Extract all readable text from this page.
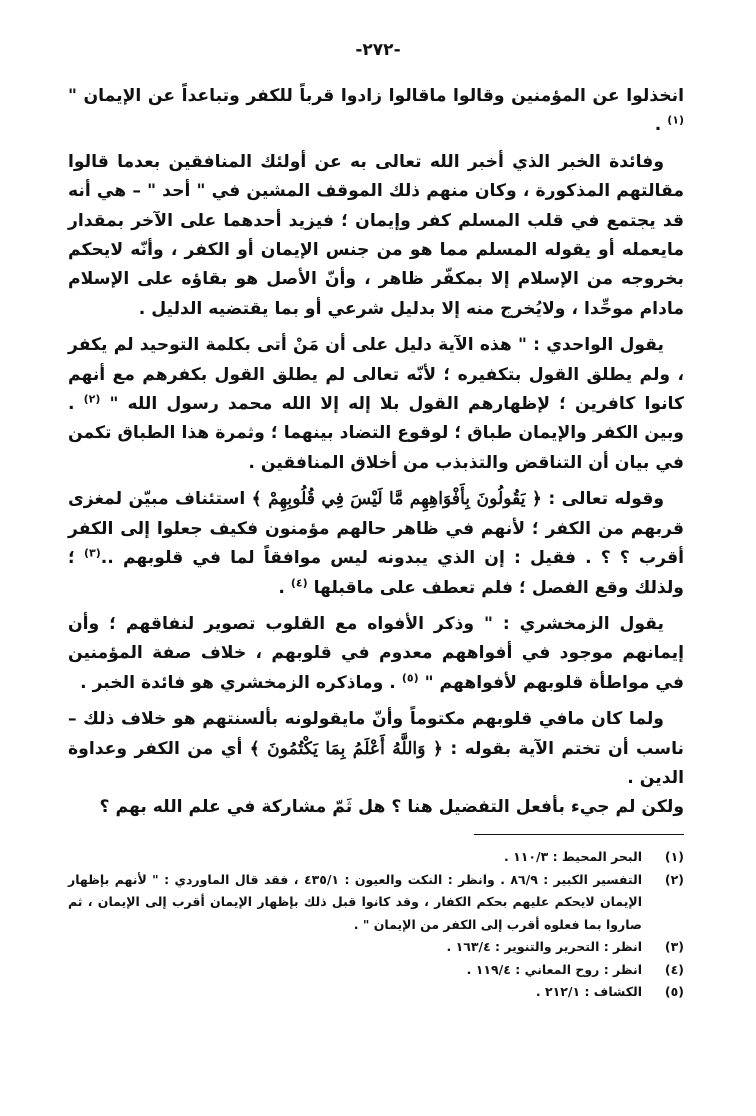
-٢٧٢-

انخذلوا عن المؤمنين وقالوا ماقالوا زادوا قرباً للكفر وتباعداً عن الإيمان "$^{(١)}$ .

وفائدة الخبر الذي أخبر الله تعالى به عن أولئك المنافقين بعدما قالوا مقالتهم المذكورة ، وكان منهم ذلك الموقف المشين في " أحد " – هي أنه قد يجتمع في قلب المسلم كفر وإيمان ؛ فيزيد أحدهما على الآخر بمقدار مايعمله أو يقوله المسلم مما هو من جنس الإيمان أو الكفر ، وأنّه لايحكم بخروجه من الإسلام إلا بمكفّر ظاهر ، وأنّ الأصل هو بقاؤه على الإسلام مادام موحِّدا ، ولايُخرج منه إلا بدليل شرعي أو بما يقتضيه الدليل .

يقول الواحدي : " هذه الآية دليل على أن مَنْ أتى بكلمة التوحيد لم يكفر ، ولم يطلق القول بتكفيره ؛ لأنّه تعالى لم يطلق القول بكفرهم مع أنهم كانوا كافرين ؛ لإظهارهم القول بلا إله إلا الله محمد رسول الله " $^{(٢)}$ . وبين الكفر والإيمان طباق ؛ لوقوع التضاد بينهما ؛ وثمرة هذا الطباق تكمن في بيان أن التناقض والتذبذب من أخلاق المنافقين .

وقوله تعالى : ﴿ يَقُولُونَ بِأَفْوَاهِهِم مَّا لَيْسَ فِي قُلُوبِهِمْ ﴾ استئناف مبيّن لمغزى قربهم من الكفر ؛ لأنهم في ظاهر حالهم مؤمنون فكيف جعلوا إلى الكفر أقرب ؟ ؟ . فقيل : إن الذي يبدونه ليس موافقاً لما في قلوبهم ..$^{(٣)}$ ؛ ولذلك وقع الفصل ؛ فلم تعطف على ماقبلها $^{(٤)}$ .

يقول الزمخشري : " وذكر الأفواه مع القلوب تصوير لنفاقهم ؛ وأن إيمانهم موجود في أفواههم معدوم في قلوبهم ، خلاف صفة المؤمنين في مواطأة قلوبهم لأفواههم " $^{(٥)}$ . وماذكره الزمخشري هو فائدة الخبر .

ولما كان مافي قلوبهم مكتوماً وأنّ مايقولونه بألسنتهم هو خلاف ذلك – ناسب أن تختم الآية بقوله : ﴿ وَاللَّهُ أَعْلَمُ بِمَا يَكْتُمُونَ ﴾ أي من الكفر وعداوة الدين .
ولكن لم جيء بأفعل التفضيل هنا ؟ هل ثَمّ مشاركة في علم الله بهم ؟

(١)
البحر المحيط : ١١٠/٣ .
(٢)
التفسير الكبير : ٨٦/٩ . وانظر : النكت والعيون : ٤٣٥/١ ، فقد قال الماوردي : " لأنهم بإظهار الإيمان لايحكم عليهم بحكم الكفار ، وقد كانوا قبل ذلك بإظهار الإيمان أقرب إلى الإيمان ، ثم صاروا بما فعلوه أقرب إلى الكفر من الإيمان " .
(٣)
انظر : التحرير والتنوير : ١٦٣/٤ .
(٤)
انظر : روح المعاني : ١١٩/٤ .
(٥)
الكشاف : ٢١٢/١ .
